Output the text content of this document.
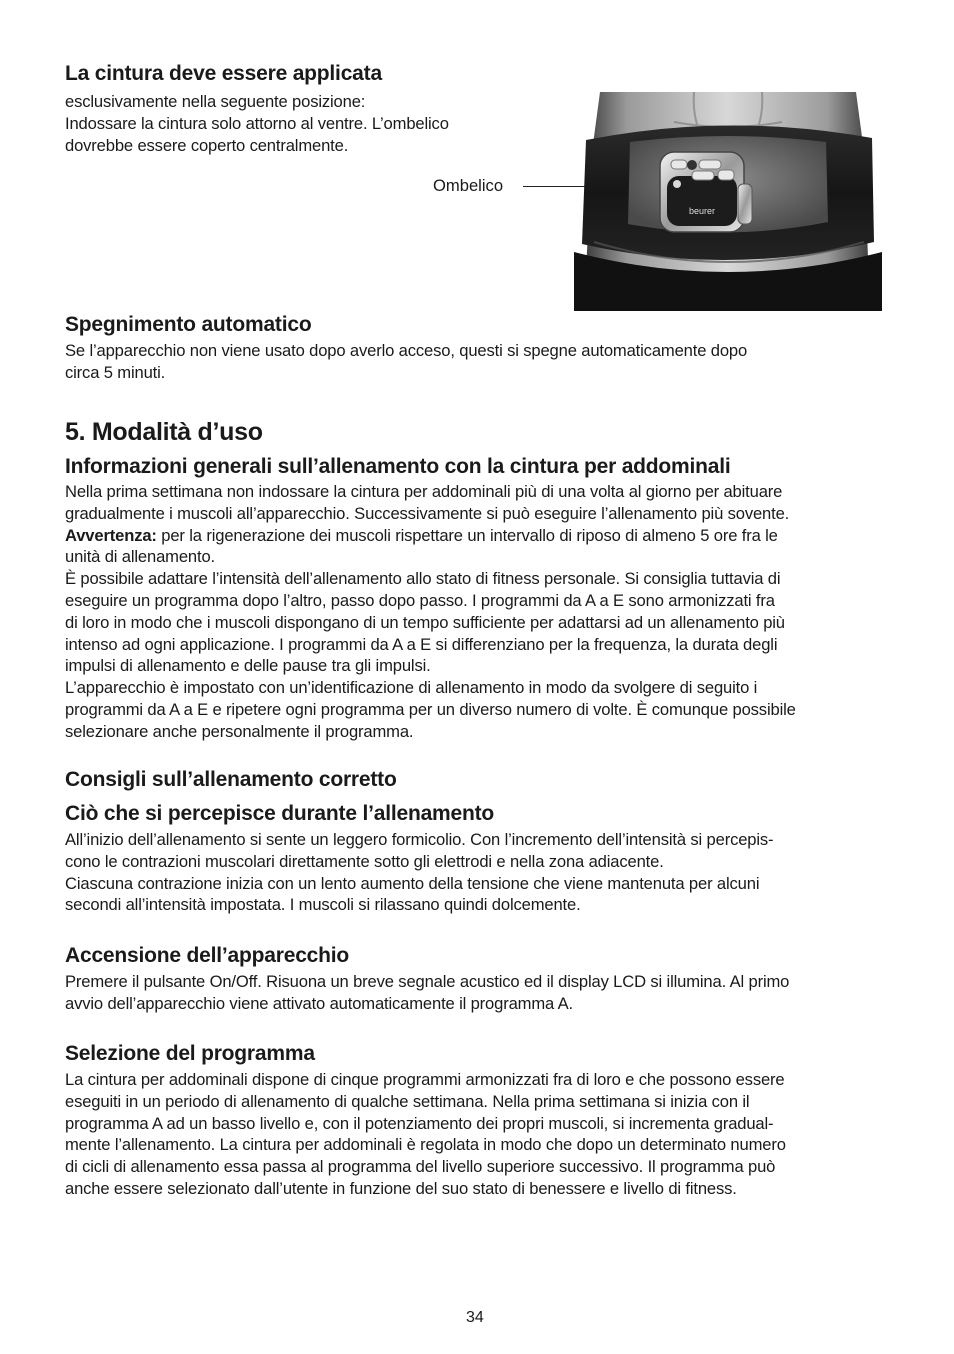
La cintura deve essere applicata
esclusivamente nella seguente posizione:
Indossare la cintura solo attorno al ventre. L’ombelico
dovrebbe essere coperto centralmente.
Ombelico
beurer
Spegnimento automatico
Se l’apparecchio non viene usato dopo averlo acceso, questi si spegne automaticamente dopo
circa 5 minuti.
5. Modalità d’uso
Informazioni generali sull’allenamento con la cintura per addominali
Nella prima settimana non indossare la cintura per addominali più di una volta al giorno per abituare
gradualmente i muscoli all’apparecchio. Successivamente si può eseguire l’allenamento più sovente.
Avvertenza: per la rigenerazione dei muscoli rispettare un intervallo di riposo di almeno 5 ore fra le
unità di allenamento.
È possibile adattare l’intensità dell’allenamento allo stato di fitness personale. Si consiglia tuttavia di
eseguire un programma dopo l’altro, passo dopo passo. I programmi da A a E sono armonizzati fra
di loro in modo che i muscoli dispongano di un tempo sufficiente per adattarsi ad un allenamento più
intenso ad ogni applicazione. I programmi da A a E si differenziano per la frequenza, la durata degli
impulsi di allenamento e delle pause tra gli impulsi.
L’apparecchio è impostato con un’identificazione di allenamento in modo da svolgere di seguito i
programmi da A a E e ripetere ogni programma per un diverso numero di volte. È comunque possibile
selezionare anche personalmente il programma.
Consigli sull’allenamento corretto
Ciò che si percepisce durante l’allenamento
All’inizio dell’allenamento si sente un leggero formicolio. Con l’incremento dell’intensità si percepis-
cono le contrazioni muscolari direttamente sotto gli elettrodi e nella zona adiacente.
Ciascuna contrazione inizia con un lento aumento della tensione che viene mantenuta per alcuni
secondi all’intensità impostata. I muscoli si rilassano quindi dolcemente.
Accensione dell’apparecchio
Premere il pulsante On/Off. Risuona un breve segnale acustico ed il display LCD si illumina. Al primo
avvio dell’apparecchio viene attivato automaticamente il programma A.
Selezione del programma
La cintura per addominali dispone di cinque programmi armonizzati fra di loro e che possono essere
eseguiti in un periodo di allenamento di qualche settimana. Nella prima settimana si inizia con il
programma A ad un basso livello e, con il potenziamento dei propri muscoli, si incrementa gradual-
mente l’allenamento. La cintura per addominali è regolata in modo che dopo un determinato numero
di cicli di allenamento essa passa al programma del livello superiore successivo. Il programma può
anche essere selezionato dall’utente in funzione del suo stato di benessere e livello di fitness.
34
